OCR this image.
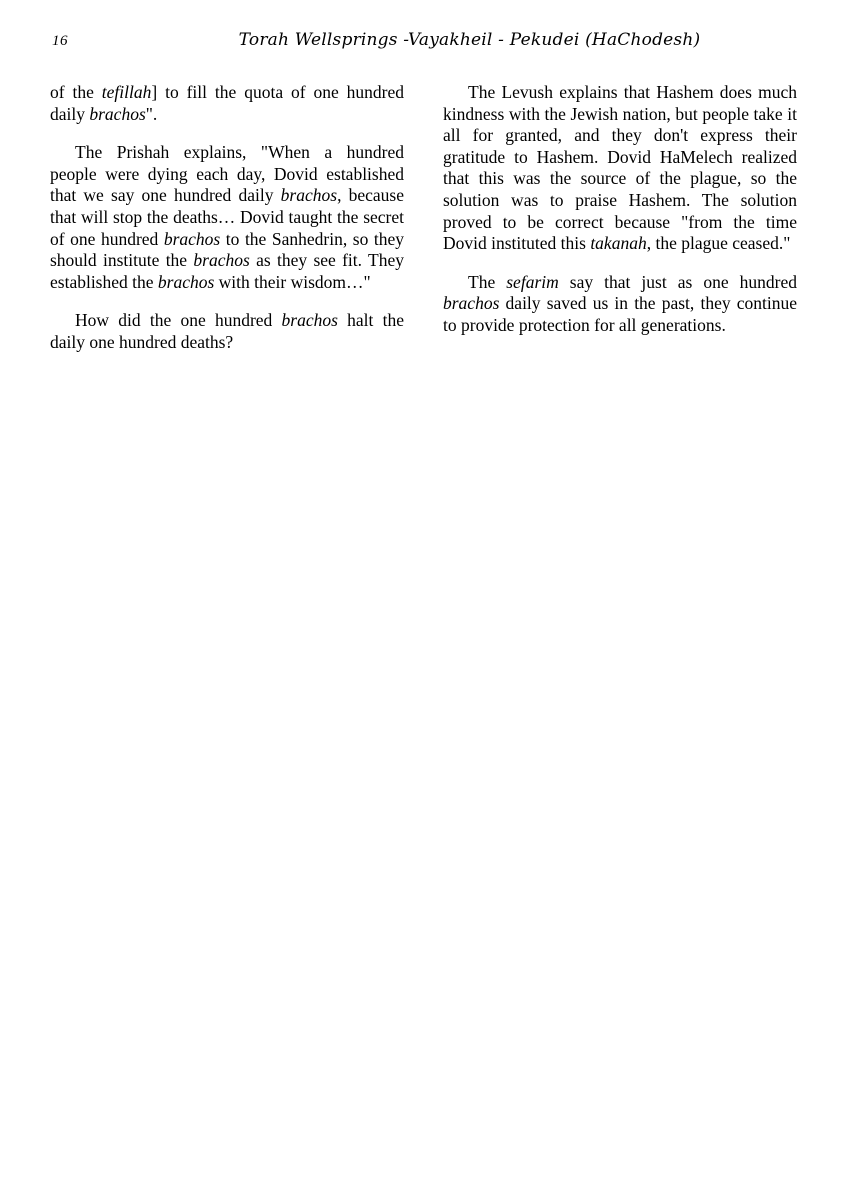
16	Torah Wellsprings -Vayakheil - Pekudei (HaChodesh)

of the tefillah] to fill the quota of one hundred daily brachos".

The Prishah explains, "When a hundred people were dying each day, Dovid established that we say one hundred daily brachos, because that will stop the deaths… Dovid taught the secret of one hundred brachos to the Sanhedrin, so they should institute the brachos as they see fit. They established the brachos with their wisdom…"

How did the one hundred brachos halt the daily one hundred deaths?

The Levush explains that Hashem does much kindness with the Jewish nation, but people take it all for granted, and they don't express their gratitude to Hashem. Dovid HaMelech realized that this was the source of the plague, so the solution was to praise Hashem. The solution proved to be correct because "from the time Dovid instituted this takanah, the plague ceased."

The sefarim say that just as one hundred brachos daily saved us in the past, they continue to provide protection for all generations.
